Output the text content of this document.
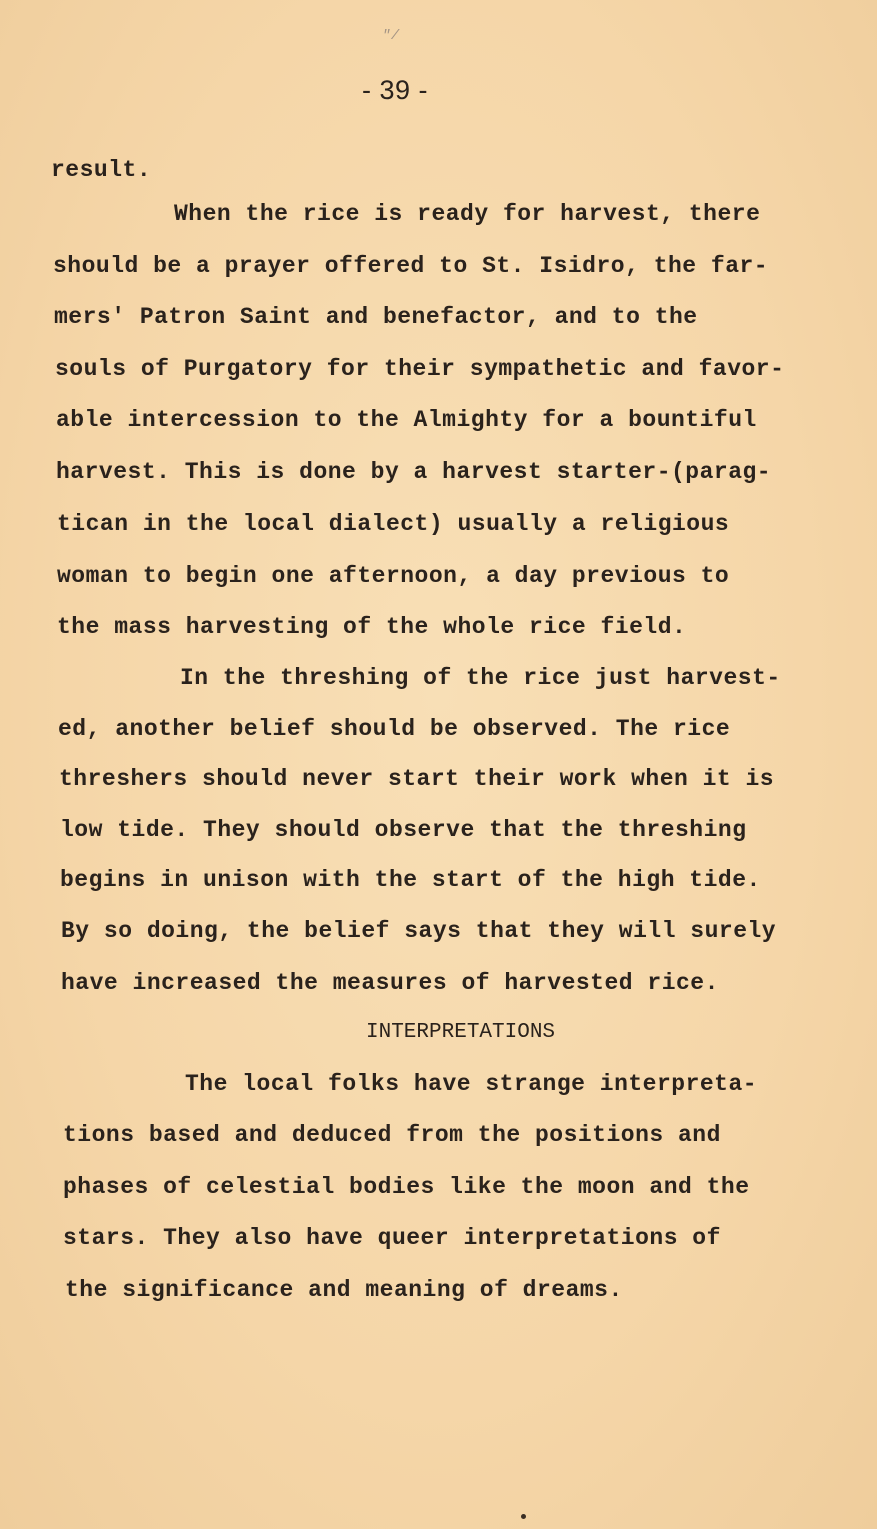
"/
- 39 -
result.
When the rice is ready for harvest, there
should be a prayer offered to St. Isidro, the far-
mers' Patron Saint and benefactor, and to the
souls of Purgatory for their sympathetic and favor-
able intercession to the Almighty for a bountiful
harvest. This is done by a harvest starter-(parag-
tican in the local dialect) usually a religious
woman to begin one afternoon, a day previous to
the mass harvesting of the whole rice field.
In the threshing of the rice just harvest-
ed, another belief should be observed. The rice
threshers should never start their work when it is
low tide. They should observe that the threshing
begins in unison with the start of the high tide.
By so doing, the belief says that they will surely
have increased the measures of harvested rice.
INTERPRETATIONS
The local folks have strange interpreta-
tions based and deduced from the positions and
phases of celestial bodies like the moon and the
stars. They also have queer interpretations of
the significance and meaning of dreams.
